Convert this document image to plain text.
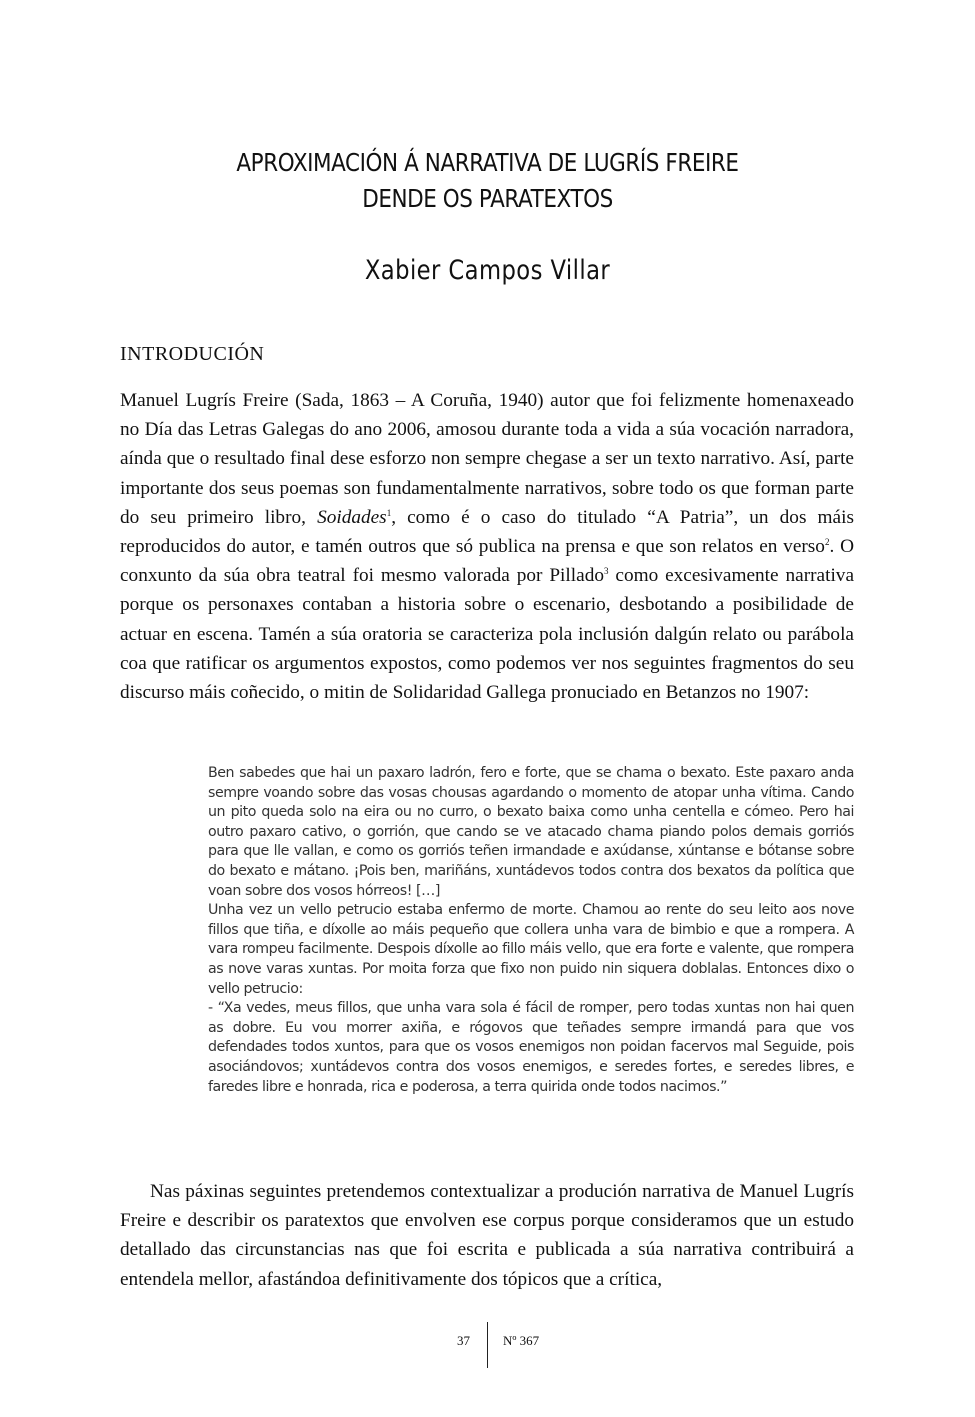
APROXIMACIÓN Á NARRATIVA DE LUGRÍS FREIRE
DENDE OS PARATEXTOS
Xabier Campos Villar
INTRODUCIÓN

Manuel Lugrís Freire (Sada, 1863 – A Coruña, 1940) autor que foi felizmente homenaxeado no Día das Letras Galegas do ano 2006, amosou durante toda a vida a súa vocación narradora, aínda que o resultado final dese esforzo non sempre chegase a ser un texto narrativo. Así, parte importante dos seus poemas son fundamentalmente narrativos, sobre todo os que forman parte do seu primeiro libro, Soidades$^1$, como é o caso do titulado “A Patria”, un dos máis reproducidos do autor, e tamén outros que só publica na prensa e que son relatos en verso$^2$. O conxunto da súa obra teatral foi mesmo valorada por Pillado$^3$ como excesivamente narrativa porque os personaxes contaban a historia sobre o escenario, desbotando a posibilidade de actuar en escena. Tamén a súa oratoria se caracteriza pola inclusión dalgún relato ou parábola coa que ratificar os argumentos expostos, como podemos ver nos seguintes fragmentos do seu discurso máis coñecido, o mitin de Solidaridad Gallega pronuciado en Betanzos no 1907:

Ben sabedes que hai un paxaro ladrón, fero e forte, que se chama o bexato. Este paxaro anda sempre voando sobre das vosas chousas agardando o momento de atopar unha vítima. Cando un pito queda solo na eira ou no curro, o bexato baixa como unha centella e cómeo. Pero hai outro paxaro cativo, o gorrión, que cando se ve atacado chama piando polos demais gorriós para que lle vallan, e como os gorriós teñen irmandade e axúdanse, xúntanse e bótanse sobre do bexato e mátano. ¡Pois ben, mariñáns, xuntádevos todos contra dos bexatos da política que voan sobre dos vosos hórreos! […]

Unha vez un vello petrucio estaba enfermo de morte. Chamou ao rente do seu leito aos nove fillos que tiña, e díxolle ao máis pequeño que collera unha vara de bimbio e que a rompera. A vara rompeu facilmente. Despois díxolle ao fillo máis vello, que era forte e valente, que rompera as nove varas xuntas. Por moita forza que fixo non puido nin siquera doblalas. Entonces dixo o vello petrucio:

- “Xa vedes, meus fillos, que unha vara sola é fácil de romper, pero todas xuntas non hai quen as dobre. Eu vou morrer axiña, e rógovos que teñades sempre irmandá para que vos defendades todos xuntos, para que os vosos enemigos non poidan facervos mal Seguide, pois asociándovos; xuntádevos contra dos vosos enemigos, e seredes fortes, e seredes libres, e faredes libre e honrada, rica e poderosa, a terra quirida onde todos nacimos.”

Nas páxinas seguintes pretendemos contextualizar a produción narrativa de Manuel Lugrís Freire e describir os paratextos que envolven ese corpus porque consideramos que un estudo detallado das circunstancias nas que foi escrita e publicada a súa narrativa contribuirá a entendela mellor, afastándoa definitivamente dos tópicos que a crítica,

37	Nº 367
